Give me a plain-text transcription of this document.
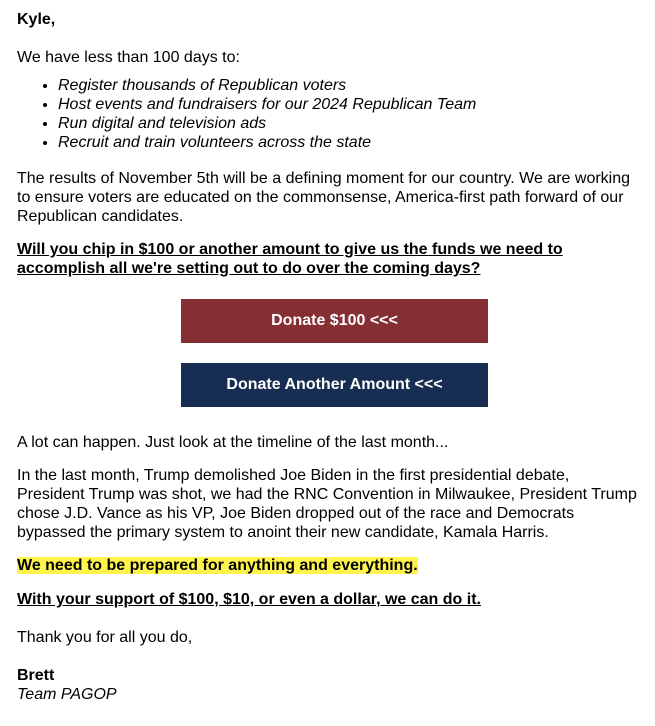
Kyle,

We have less than 100 days to:

• Register thousands of Republican voters
• Host events and fundraisers for our 2024 Republican Team
• Run digital and television ads
• Recruit and train volunteers across the state

The results of November 5th will be a defining moment for our country. We are working to ensure voters are educated on the commonsense, America-first path forward of our Republican candidates.

Will you chip in $100 or another amount to give us the funds we need to accomplish all we're setting out to do over the coming days?

Donate $100 <<<
Donate Another Amount <<<

A lot can happen. Just look at the timeline of the last month...

In the last month, Trump demolished Joe Biden in the first presidential debate, President Trump was shot, we had the RNC Convention in Milwaukee, President Trump chose J.D. Vance as his VP, Joe Biden dropped out of the race and Democrats bypassed the primary system to anoint their new candidate, Kamala Harris.

We need to be prepared for anything and everything.

With your support of $100, $10, or even a dollar, we can do it.

Thank you for all you do,

Brett

Team PAGOP
